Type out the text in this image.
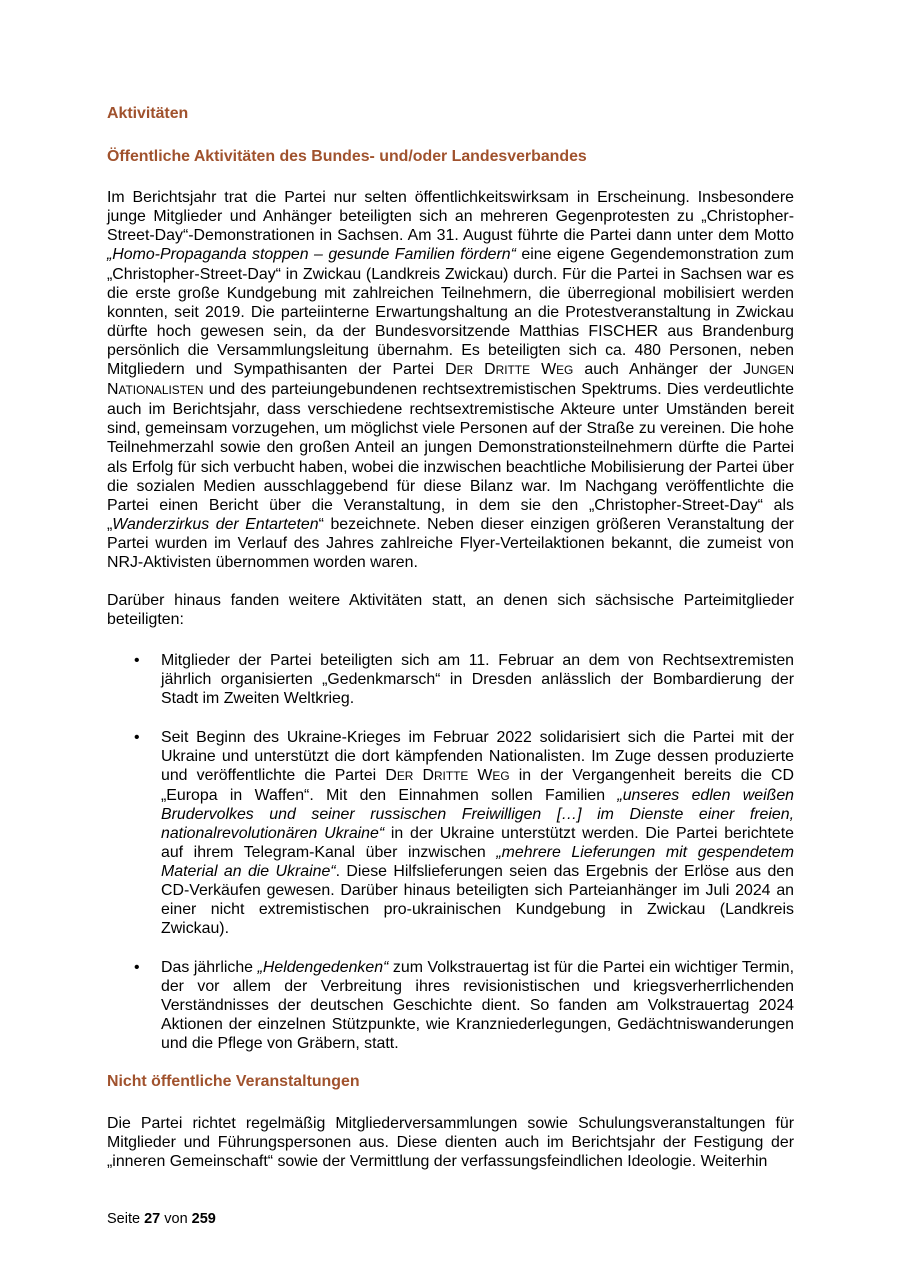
Aktivitäten
Öffentliche Aktivitäten des Bundes- und/oder Landesverbandes

Im Berichtsjahr trat die Partei nur selten öffentlichkeitswirksam in Erscheinung. Insbesondere junge Mitglieder und Anhänger beteiligten sich an mehreren Gegenprotesten zu „Christopher-Street-Day“-Demonstrationen in Sachsen. Am 31. August führte die Partei dann unter dem Motto „Homo-Propaganda stoppen – gesunde Familien fördern“ eine eigene Gegendemonstration zum „Christopher-Street-Day“ in Zwickau (Landkreis Zwickau) durch. Für die Partei in Sachsen war es die erste große Kundgebung mit zahlreichen Teilnehmern, die überregional mobilisiert werden konnten, seit 2019. Die parteiinterne Erwartungshaltung an die Protestveranstaltung in Zwickau dürfte hoch gewesen sein, da der Bundesvorsitzende Matthias FISCHER aus Brandenburg persönlich die Versammlungsleitung übernahm. Es beteiligten sich ca. 480 Personen, neben Mitgliedern und Sympathisanten der Partei DER DRITTE WEG auch Anhänger der JUNGEN NATIONALISTEN und des parteiungebundenen rechtsextremistischen Spektrums. Dies verdeutlichte auch im Berichtsjahr, dass verschiedene rechtsextremistische Akteure unter Umständen bereit sind, gemeinsam vorzugehen, um möglichst viele Personen auf der Straße zu vereinen. Die hohe Teilnehmerzahl sowie den großen Anteil an jungen Demonstrationsteilnehmern dürfte die Partei als Erfolg für sich verbucht haben, wobei die inzwischen beachtliche Mobilisierung der Partei über die sozialen Medien ausschlaggebend für diese Bilanz war. Im Nachgang veröffentlichte die Partei einen Bericht über die Veranstaltung, in dem sie den „Christopher-Street-Day“ als „Wanderzirkus der Entarteten“ bezeichnete. Neben dieser einzigen größeren Veranstaltung der Partei wurden im Verlauf des Jahres zahlreiche Flyer-Verteilaktionen bekannt, die zumeist von NRJ-Aktivisten übernommen worden waren.

Darüber hinaus fanden weitere Aktivitäten statt, an denen sich sächsische Parteimitglieder beteiligten:

• Mitglieder der Partei beteiligten sich am 11. Februar an dem von Rechtsextremisten jährlich organisierten „Gedenkmarsch“ in Dresden anlässlich der Bombardierung der Stadt im Zweiten Weltkrieg.
• Seit Beginn des Ukraine-Krieges im Februar 2022 solidarisiert sich die Partei mit der Ukraine und unterstützt die dort kämpfenden Nationalisten. Im Zuge dessen produzierte und veröffentlichte die Partei DER DRITTE WEG in der Vergangenheit bereits die CD „Europa in Waffen“. Mit den Einnahmen sollen Familien „unseres edlen weißen Brudervolkes und seiner russischen Freiwilligen […] im Dienste einer freien, nationalrevolutionären Ukraine“ in der Ukraine unterstützt werden. Die Partei berichtete auf ihrem Telegram-Kanal über inzwischen „mehrere Lieferungen mit gespendetem Material an die Ukraine“. Diese Hilfslieferungen seien das Ergebnis der Erlöse aus den CD-Verkäufen gewesen. Darüber hinaus beteiligten sich Parteianhänger im Juli 2024 an einer nicht extremistischen pro-ukrainischen Kundgebung in Zwickau (Landkreis Zwickau).
• Das jährliche „Heldengedenken“ zum Volkstrauertag ist für die Partei ein wichtiger Termin, der vor allem der Verbreitung ihres revisionistischen und kriegsverherrlichenden Verständnisses der deutschen Geschichte dient. So fanden am Volkstrauertag 2024 Aktionen der einzelnen Stützpunkte, wie Kranzniederlegungen, Gedächtniswanderungen und die Pflege von Gräbern, statt.
Nicht öffentliche Veranstaltungen

Die Partei richtet regelmäßig Mitgliederversammlungen sowie Schulungsveranstaltungen für Mitglieder und Führungspersonen aus. Diese dienten auch im Berichtsjahr der Festigung der „inneren Gemeinschaft“ sowie der Vermittlung der verfassungsfeindlichen Ideologie. Weiterhin

Seite 27 von 259
